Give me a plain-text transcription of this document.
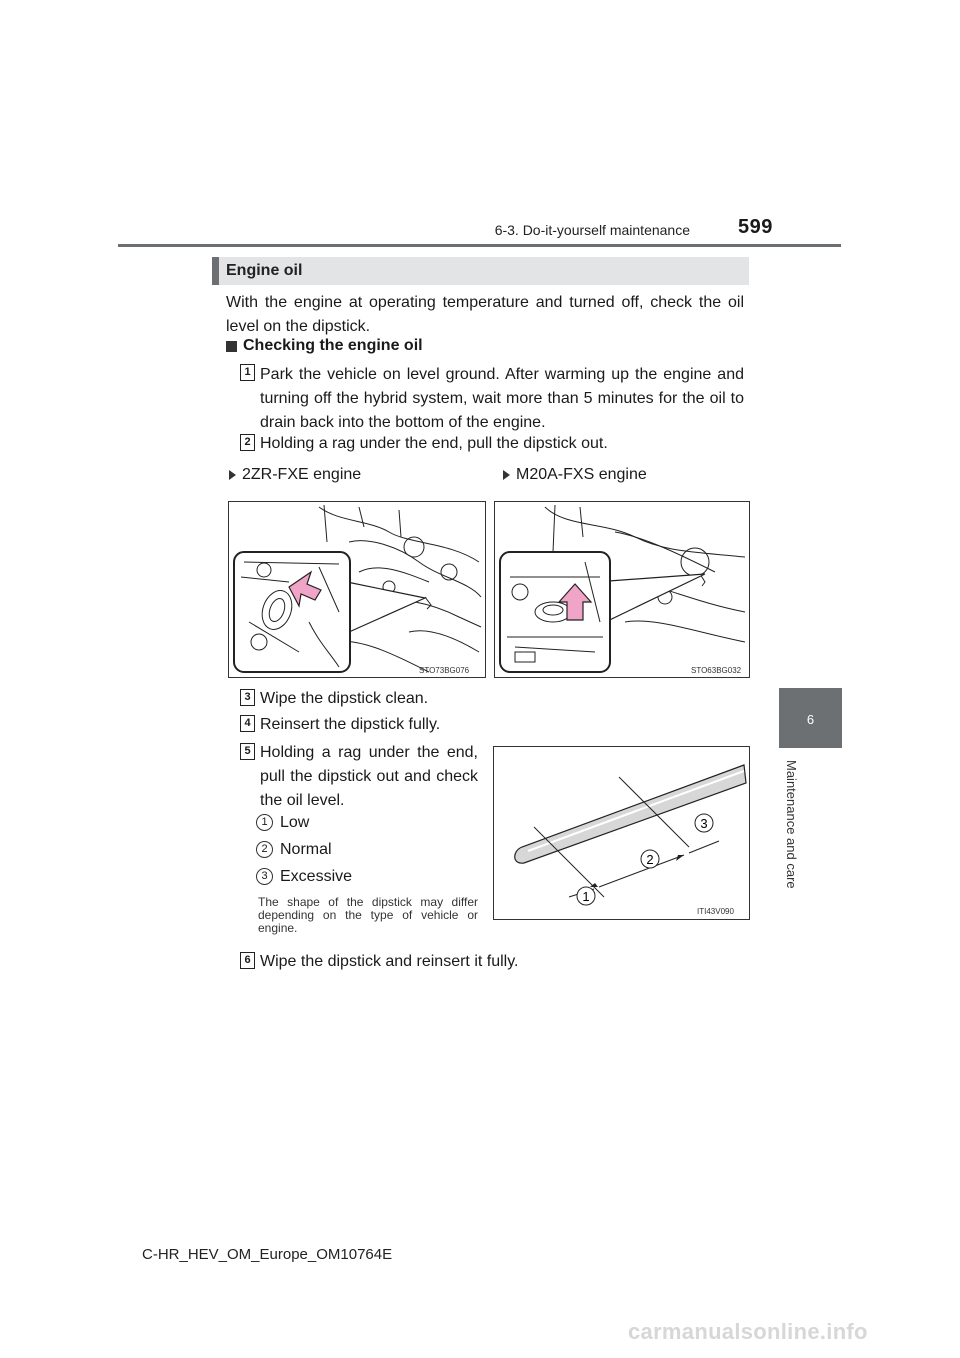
6-3. Do-it-yourself maintenance 599
6
Maintenance and care
Engine oil
With the engine at operating temperature and turned off, check the oil level on the dipstick.
Checking the engine oil
1 Park the vehicle on level ground. After warming up the engine and turning off the hybrid system, wait more than 5 minutes for the oil to drain back into the bottom of the engine.
2 Holding a rag under the end, pull the dipstick out.
2ZR-FXE engine	M20A-FXS engine
STO73BG076	STO63BG032
3 Wipe the dipstick clean.
4 Reinsert the dipstick fully.
5 Holding a rag under the end, pull the dipstick out and check the oil level.
1 Low
2 Normal
3 Excessive
The shape of the dipstick may differ depending on the type of vehicle or engine.
3
2
1
ITI43V090
6 Wipe the dipstick and reinsert it fully.
C-HR_HEV_OM_Europe_OM10764E
carmanualsonline.info
